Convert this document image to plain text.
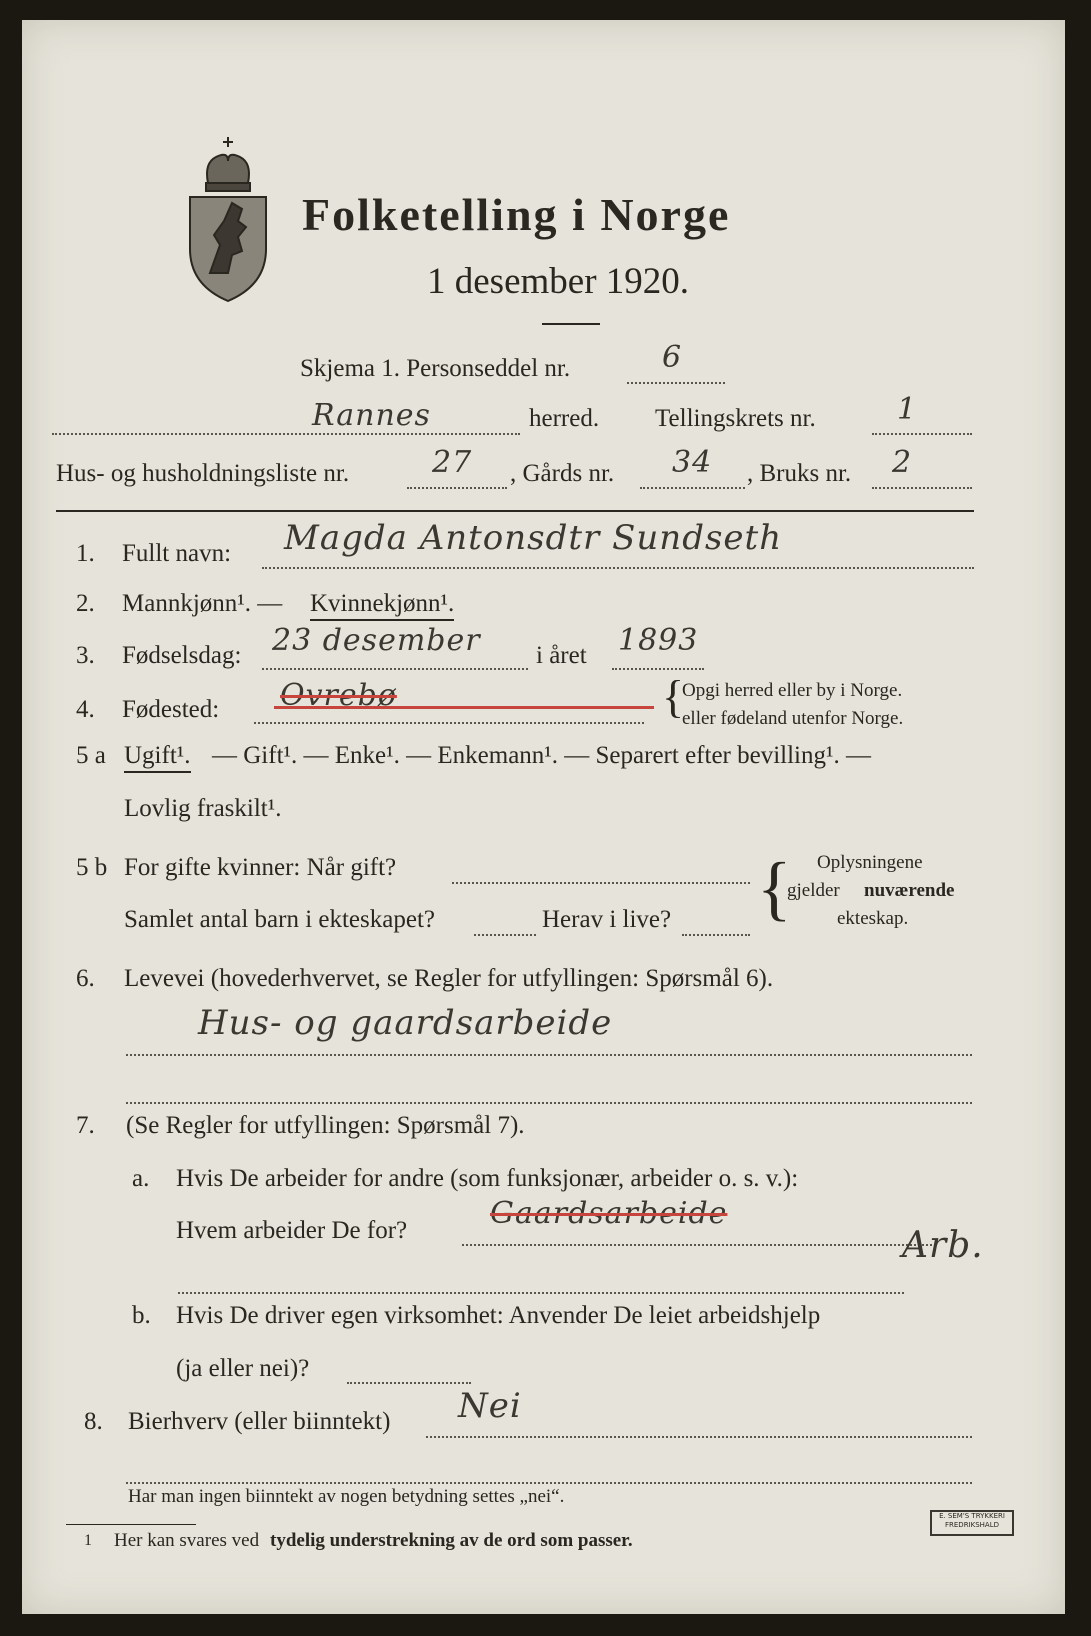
Folketelling i Norge
1 desember 1920.
Skjema 1. Personseddel nr.	6
Rannes	herred. Tellingskrets nr.	1
Hus- og husholdningsliste nr.	27 , Gårds nr. 34 , Bruks nr. 2
1. Fullt navn: Magda Antonsdtr Sundseth
2. Mannkjønn¹. — Kvinnekjønn¹.
3. Fødselsdag: 23 desember i året 1893
4. Fødested: Ovrebø	{
Opgi herred eller by i Norge.
eller fødeland utenfor Norge.
5 a Ugift¹. — Gift¹. — Enke¹. — Enkemann¹. — Separert efter bevilling¹. —
Lovlig fraskilt¹.
5 b For gifte kvinner: Når gift?
Samlet antal barn i ekteskapet?	Herav i live? { Oplysningene
gjelder nuværende
ekteskap.
6. Levevei (hovederhvervet, se Regler for utfyllingen: Spørsmål 6).
Hus- og gaardsarbeide
7. (Se Regler for utfyllingen: Spørsmål 7).
a. Hvis De arbeider for andre (som funksjonær, arbeider o. s. v.):
Hvem arbeider De for?	Gaardsarbeide
Arb.
b. Hvis De driver egen virksomhet: Anvender De leiet arbeidshjelp
(ja eller nei)?
8. Bierhverv (eller biinntekt) Nei
Har man ingen biinntekt av nogen betydning settes „nei“.
1 Her kan svares ved tydelig understrekning av de ord som passer.
E. SEM'S TRYKKERI FREDRIKSHALD
